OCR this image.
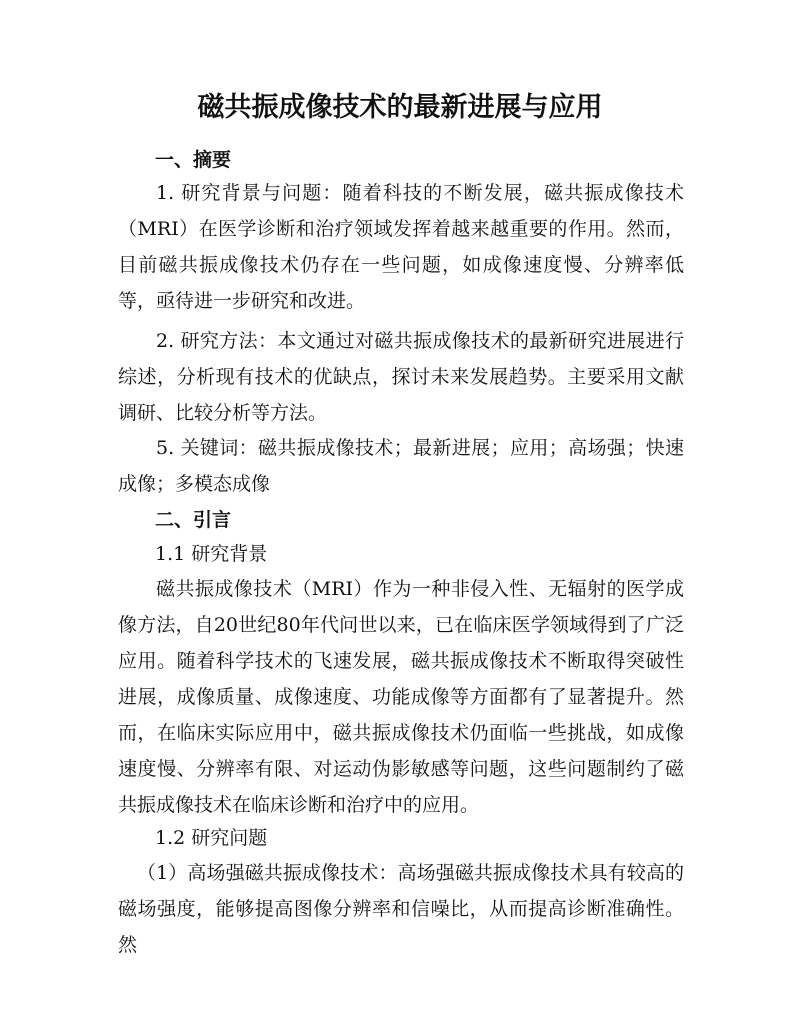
磁共振成像技术的最新进展与应用
一、摘要
1. 研究背景与问题：随着科技的不断发展，磁共振成像技术（MRI）在医学诊断和治疗领域发挥着越来越重要的作用。然而，目前磁共振成像技术仍存在一些问题，如成像速度慢、分辨率低等，亟待进一步研究和改进。
2. 研究方法：本文通过对磁共振成像技术的最新研究进展进行综述，分析现有技术的优缺点，探讨未来发展趋势。主要采用文献调研、比较分析等方法。
5. 关键词：磁共振成像技术；最新进展；应用；高场强；快速成像；多模态成像
二、引言
1.1 研究背景
磁共振成像技术（MRI）作为一种非侵入性、无辐射的医学成像方法，自20世纪80年代问世以来，已在临床医学领域得到了广泛应用。随着科学技术的飞速发展，磁共振成像技术不断取得突破性进展，成像质量、成像速度、功能成像等方面都有了显著提升。然而，在临床实际应用中，磁共振成像技术仍面临一些挑战，如成像速度慢、分辨率有限、对运动伪影敏感等问题，这些问题制约了磁共振成像技术在临床诊断和治疗中的应用。
1.2 研究问题
（1）高场强磁共振成像技术：高场强磁共振成像技术具有较高的磁场强度，能够提高图像分辨率和信噪比，从而提高诊断准确性。然
